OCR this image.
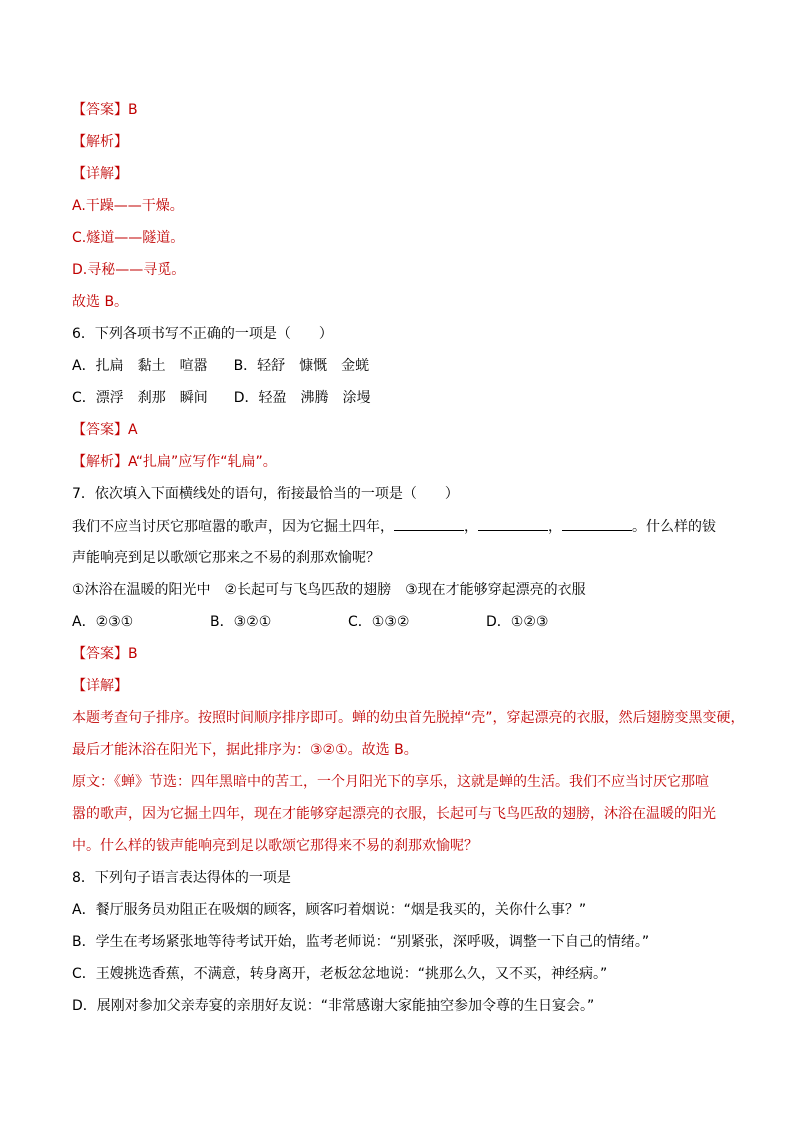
【答案】B
【解析】
【详解】
A.干躁——干燥。
C.燧道——隧道。
D.寻秘——寻觅。
故选 B。
6．下列各项书写不正确的一项是（　　）
A．扎扁　黏土　喧嚣 B．轻舒　慷慨　金蜣
C．漂浮　刹那　瞬间 D．轻盈　沸腾　涂墁
【答案】A
【解析】A“扎扁”应写作“轧扁”。
7．依次填入下面横线处的语句，衔接最恰当的一项是（　　）
我们不应当讨厌它那喧嚣的歌声，因为它掘土四年，	，	，	。什么样的钹
声能响亮到足以歌颂它那来之不易的刹那欢愉呢？
①沐浴在温暖的阳光中　②长起可与飞鸟匹敌的翅膀　③现在才能够穿起漂亮的衣服
A．②③①	B．③②①	C．①③②	D．①②③
【答案】B
【详解】
本题考查句子排序。按照时间顺序排序即可。蝉的幼虫首先脱掉“壳”，穿起漂亮的衣服，然后翅膀变黑变硬，
最后才能沐浴在阳光下，据此排序为：③②①。故选 B。
原文：《蝉》节选：四年黑暗中的苦工，一个月阳光下的享乐，这就是蝉的生活。我们不应当讨厌它那喧
嚣的歌声，因为它掘土四年，现在才能够穿起漂亮的衣服，长起可与飞鸟匹敌的翅膀，沐浴在温暖的阳光
中。什么样的钹声能响亮到足以歌颂它那得来不易的刹那欢愉呢？
8．下列句子语言表达得体的一项是
A．餐厅服务员劝阻正在吸烟的顾客，顾客叼着烟说：“烟是我买的，关你什么事？”
B．学生在考场紧张地等待考试开始，监考老师说：“别紧张，深呼吸，调整一下自己的情绪。”
C．王嫂挑选香蕉，不满意，转身离开，老板忿忿地说：“挑那么久，又不买，神经病。”
D．展刚对参加父亲寿宴的亲朋好友说：“非常感谢大家能抽空参加令尊的生日宴会。”
